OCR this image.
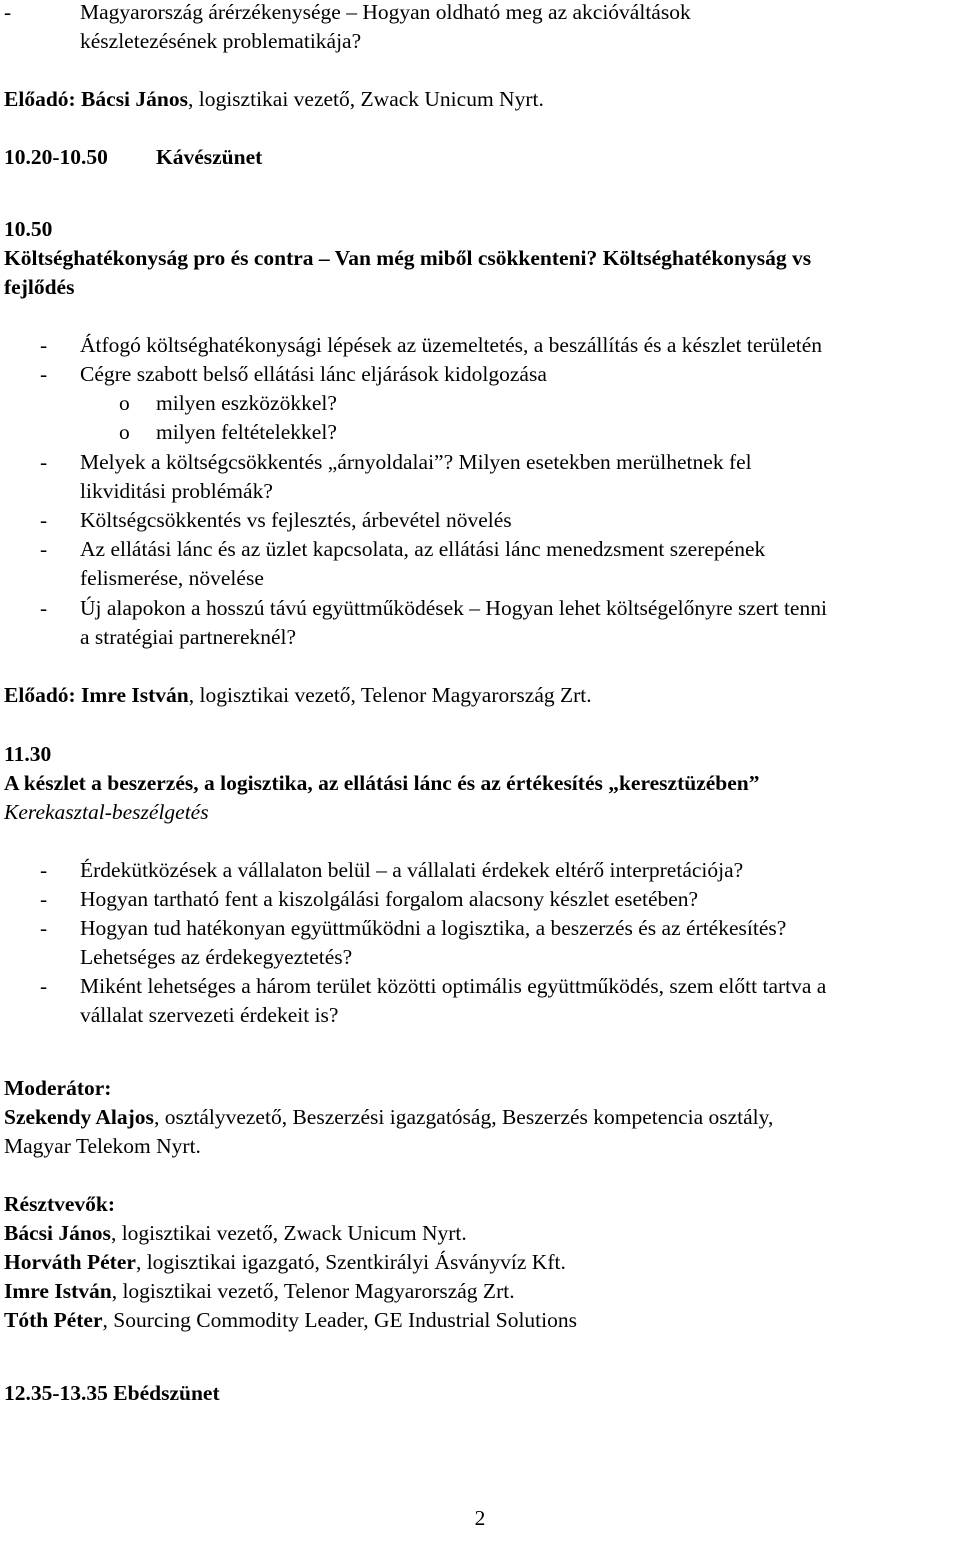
-	Magyarország árérzékenysége – Hogyan oldható meg az akcióváltások
készletezésének problematikája?
Előadó: Bácsi János, logisztikai vezető, Zwack Unicum Nyrt.
10.20-10.50 Kávészünet
10.50
Költséghatékonyság pro és contra – Van még miből csökkenteni? Költséghatékonyság vs
fejlődés
- Átfogó költséghatékonysági lépések az üzemeltetés, a beszállítás és a készlet területén
- Cégre szabott belső ellátási lánc eljárások kidolgozása
o milyen eszközökkel?
o milyen feltételekkel?
- Melyek a költségcsökkentés „árnyoldalai”? Milyen esetekben merülhetnek fel
likviditási problémák?
- Költségcsökkentés vs fejlesztés, árbevétel növelés
- Az ellátási lánc és az üzlet kapcsolata, az ellátási lánc menedzsment szerepének
felismerése, növelése
- Új alapokon a hosszú távú együttműködések – Hogyan lehet költségelőnyre szert tenni
a stratégiai partnereknél?
Előadó: Imre István, logisztikai vezető, Telenor Magyarország Zrt.
11.30
A készlet a beszerzés, a logisztika, az ellátási lánc és az értékesítés „keresztüzében”
Kerekasztal-beszélgetés
- Érdekütközések a vállalaton belül – a vállalati érdekek eltérő interpretációja?
- Hogyan tartható fent a kiszolgálási forgalom alacsony készlet esetében?
- Hogyan tud hatékonyan együttműködni a logisztika, a beszerzés és az értékesítés?
Lehetséges az érdekegyeztetés?
- Miként lehetséges a három terület közötti optimális együttműködés, szem előtt tartva a
vállalat szervezeti érdekeit is?
Moderátor:
Szekendy Alajos, osztályvezető, Beszerzési igazgatóság, Beszerzés kompetencia osztály,
Magyar Telekom Nyrt.
Résztvevők:
Bácsi János, logisztikai vezető, Zwack Unicum Nyrt.
Horváth Péter, logisztikai igazgató, Szentkirályi Ásványvíz Kft.
Imre István, logisztikai vezető, Telenor Magyarország Zrt.
Tóth Péter, Sourcing Commodity Leader, GE Industrial Solutions
12.35-13.35 Ebédszünet
2
